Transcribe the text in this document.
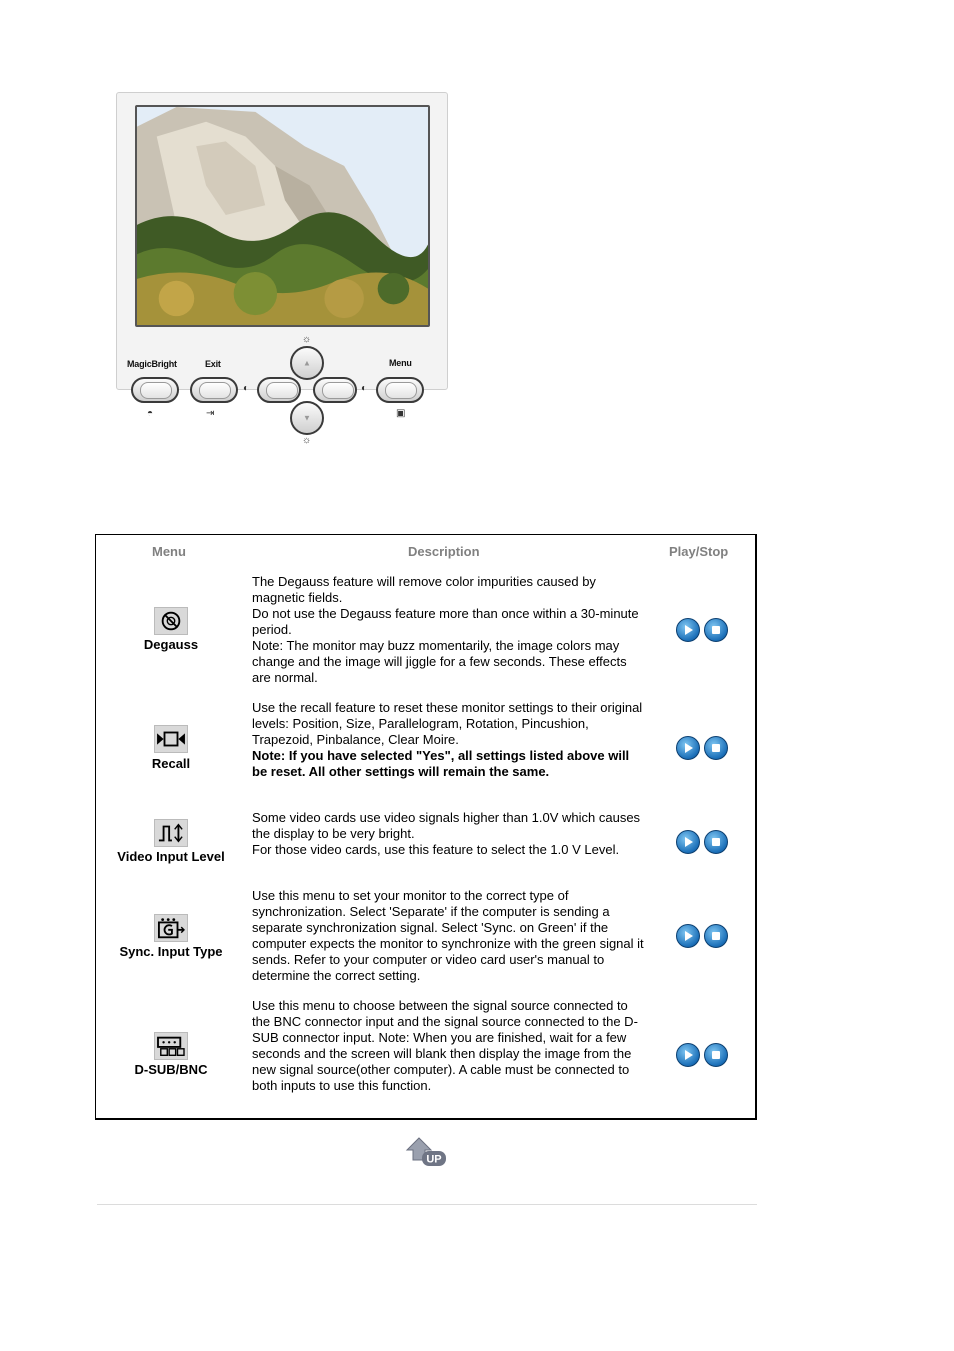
MagicBright	Exit	Menu
▲
▼
☼
☼
◐	◐
◓	⇥	▣
Menu	Description	Play/Stop
Degauss

The Degauss feature will remove color impurities caused by magnetic fields.

Do not use the Degauss feature more than once within a 30-minute period.

Note: The monitor may buzz momentarily, the image colors may change and the image will jiggle for a few seconds. These effects are normal.

Recall

Use the recall feature to reset these monitor settings to their original levels: Position, Size, Parallelogram, Rotation, Pincushion, Trapezoid, Pinbalance, Clear Moire.

Note: If you have selected "Yes", all settings listed above will be reset. All other settings will remain the same.

Video Input Level

Some video cards use video signals higher than 1.0V which causes the display to be very bright.

For those video cards, use this feature to select the 1.0 V Level.

Sync. Input Type

Use this menu to set your monitor to the correct type of synchronization. Select 'Separate' if the computer is sending a separate synchronization signal. Select 'Sync. on Green' if the computer expects the monitor to synchronize with the green signal it sends. Refer to your computer or video card user's manual to determine the correct setting.

D-SUB/BNC

Use this menu to choose between the signal source connected to the BNC connector input and the signal source connected to the D-SUB connector input. Note: When you are finished, wait for a few seconds and the screen will blank then display the image from the new signal source(other computer). A cable must be connected to both inputs to use this function.

UP
